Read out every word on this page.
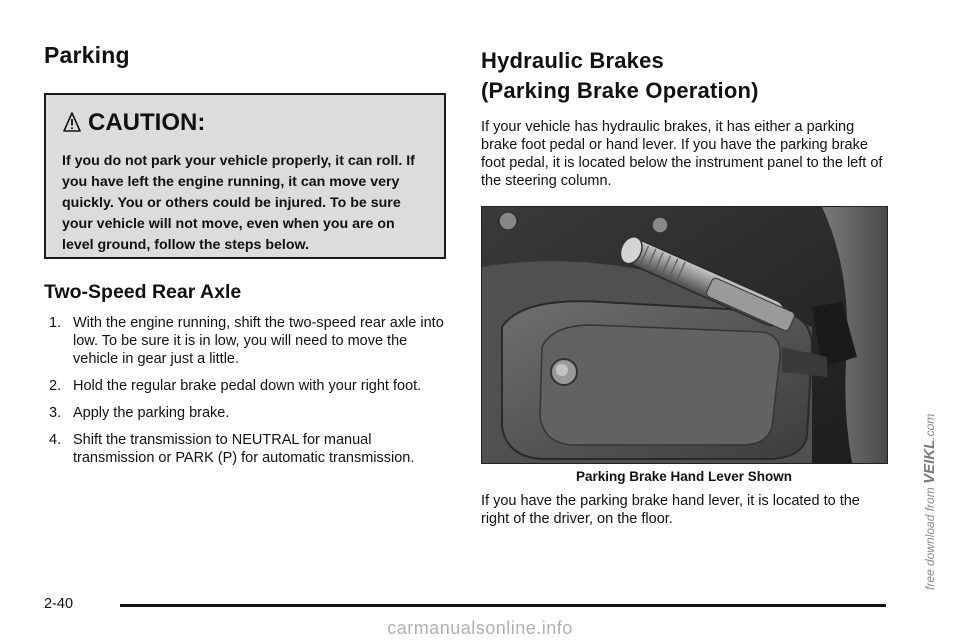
Parking
CAUTION:

If you do not park your vehicle properly, it can roll. If you have left the engine running, it can move very quickly. You or others could be injured. To be sure your vehicle will not move, even when you are on level ground, follow the steps below.

Two-Speed Rear Axle
1. With the engine running, shift the two-speed rear axle into low. To be sure it is in low, you will need to move the vehicle in gear just a little.
2. Hold the regular brake pedal down with your right foot.
3. Apply the parking brake.
4. Shift the transmission to NEUTRAL for manual transmission or PARK (P) for automatic transmission.
Hydraulic Brakes
(Parking Brake Operation)

If your vehicle has hydraulic brakes, it has either a parking brake foot pedal or hand lever. If you have the parking brake foot pedal, it is located below the instrument panel to the left of the steering column.

Parking Brake Hand Lever Shown

If you have the parking brake hand lever, it is located to the right of the driver, on the floor.

2-40
free download from VEIKL.com
carmanualsonline.info
